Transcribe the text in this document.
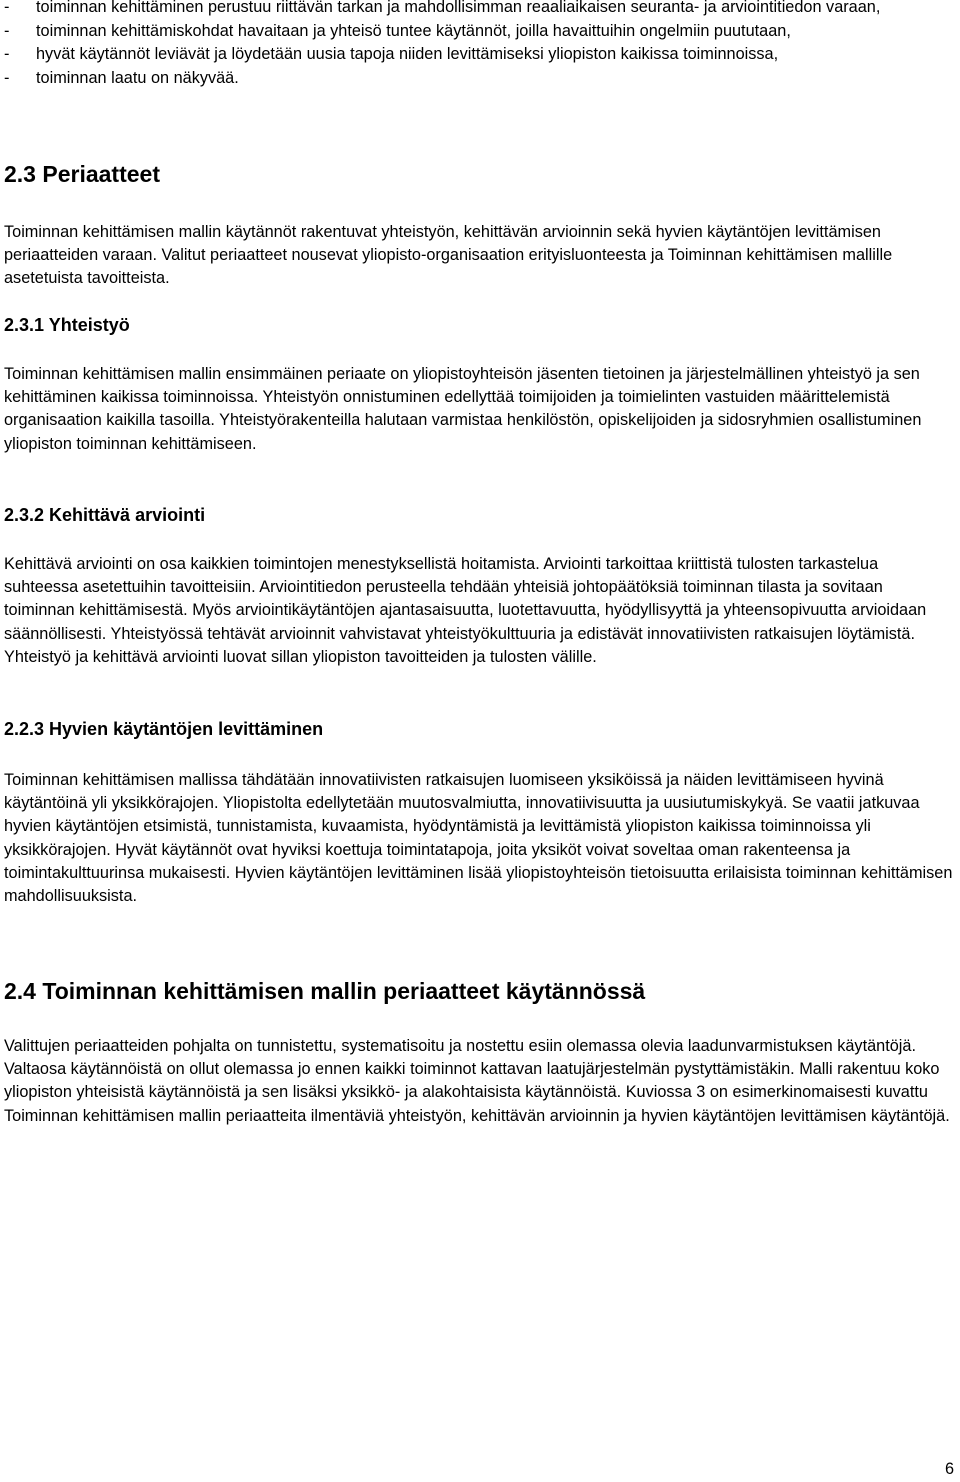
- toiminnan kehittäminen perustuu riittävän tarkan ja mahdollisimman reaaliaikaisen seuranta- ja arviointitiedon varaan,
- toiminnan kehittämiskohdat havaitaan ja yhteisö tuntee käytännöt, joilla havaittuihin ongelmiin puututaan,
- hyvät käytännöt leviävät ja löydetään uusia tapoja niiden levittämiseksi yliopiston kaikissa toiminnoissa,
- toiminnan laatu on näkyvää.
2.3 Periaatteet

Toiminnan kehittämisen mallin käytännöt rakentuvat yhteistyön, kehittävän arvioinnin sekä hyvien käytäntöjen levittämisen periaatteiden varaan. Valitut periaatteet nousevat yliopisto-organisaation erityisluonteesta ja Toiminnan kehittämisen mallille asetetuista tavoitteista.

2.3.1 Yhteistyö

Toiminnan kehittämisen mallin ensimmäinen periaate on yliopistoyhteisön jäsenten tietoinen ja järjestelmällinen yhteistyö ja sen kehittäminen kaikissa toiminnoissa. Yhteistyön onnistuminen edellyttää toimijoiden ja toimielinten vastuiden määrittelemistä organisaation kaikilla tasoilla. Yhteistyörakenteilla halutaan varmistaa henkilöstön, opiskelijoiden ja sidosryhmien osallistuminen yliopiston toiminnan kehittämiseen.

2.3.2 Kehittävä arviointi

Kehittävä arviointi on osa kaikkien toimintojen menestyksellistä hoitamista. Arviointi tarkoittaa kriittistä tulosten tarkastelua suhteessa asetettuihin tavoitteisiin. Arviointitiedon perusteella tehdään yhteisiä johtopäätöksiä toiminnan tilasta ja sovitaan toiminnan kehittämisestä. Myös arviointikäytäntöjen ajantasaisuutta, luotettavuutta, hyödyllisyyttä ja yhteensopivuutta arvioidaan säännöllisesti. Yhteistyössä tehtävät arvioinnit vahvistavat yhteistyökulttuuria ja edistävät innovatiivisten ratkaisujen löytämistä. Yhteistyö ja kehittävä arviointi luovat sillan yliopiston tavoitteiden ja tulosten välille.

2.2.3 Hyvien käytäntöjen levittäminen

Toiminnan kehittämisen mallissa tähdätään innovatiivisten ratkaisujen luomiseen yksiköissä ja näiden levittämiseen hyvinä käytäntöinä yli yksikkörajojen. Yliopistolta edellytetään muutosvalmiutta, innovatiivisuutta ja uusiutumiskykyä. Se vaatii jatkuvaa hyvien käytäntöjen etsimistä, tunnistamista, kuvaamista, hyödyntämistä ja levittämistä yliopiston kaikissa toiminnoissa yli yksikkörajojen. Hyvät käytännöt ovat hyviksi koettuja toimintatapoja, joita yksiköt voivat soveltaa oman rakenteensa ja toimintakulttuurinsa mukaisesti. Hyvien käytäntöjen levittäminen lisää yliopistoyhteisön tietoisuutta erilaisista toiminnan kehittämisen mahdollisuuksista.

2.4 Toiminnan kehittämisen mallin periaatteet käytännössä

Valittujen periaatteiden pohjalta on tunnistettu, systematisoitu ja nostettu esiin olemassa olevia laadunvarmistuksen käytäntöjä. Valtaosa käytännöistä on ollut olemassa jo ennen kaikki toiminnot kattavan laatujärjestelmän pystyttämistäkin. Malli rakentuu koko yliopiston yhteisistä käytännöistä ja sen lisäksi yksikkö- ja alakohtaisista käytännöistä. Kuviossa 3 on esimerkinomaisesti kuvattu Toiminnan kehittämisen mallin periaatteita ilmentäviä yhteistyön, kehittävän arvioinnin ja hyvien käytäntöjen levittämisen käytäntöjä.

6
